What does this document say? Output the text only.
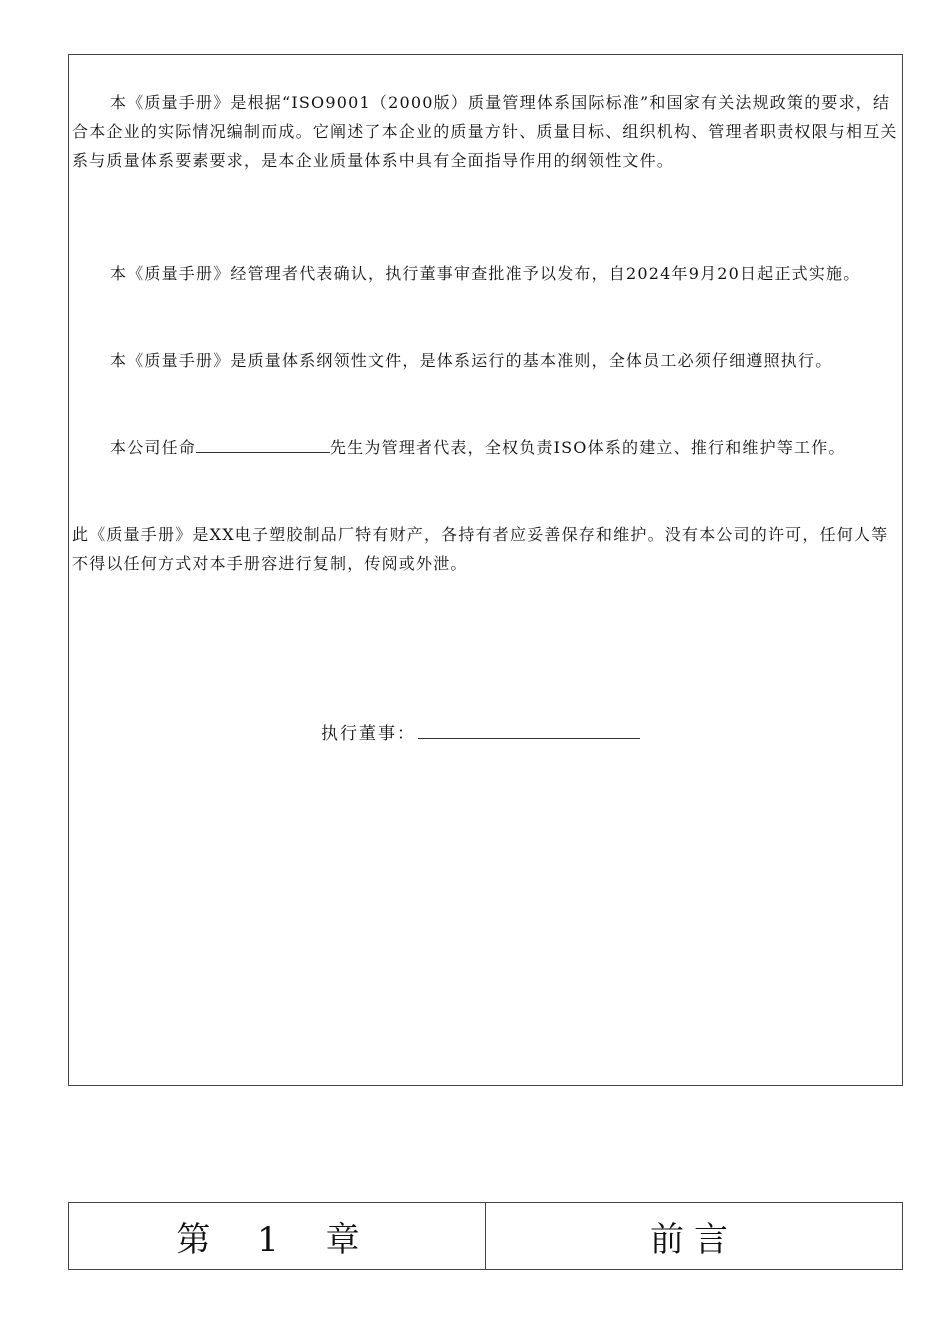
本《质量手册》是根据“ISO9001（2000版）质量管理体系国际标准”和国家有关法规政策的要求，结合本企业的实际情况编制而成。它阐述了本企业的质量方针、质量目标、组织机构、管理者职责权限与相互关系与质量体系要素要求，是本企业质量体系中具有全面指导作用的纲领性文件。

本《质量手册》经管理者代表确认，执行董事审查批准予以发布，自2024年9月20日起正式实施。

本《质量手册》是质量体系纲领性文件，是体系运行的基本准则，全体员工必须仔细遵照执行。

本公司任命	先生为管理者代表，全权负责ISO体系的建立、推行和维护等工作。

此《质量手册》是XX电子塑胶制品厂特有财产，各持有者应妥善保存和维护。没有本公司的许可，任何人等不得以任何方式对本手册容进行复制，传阅或外泄。

执行董事：
第 1 章	前言
